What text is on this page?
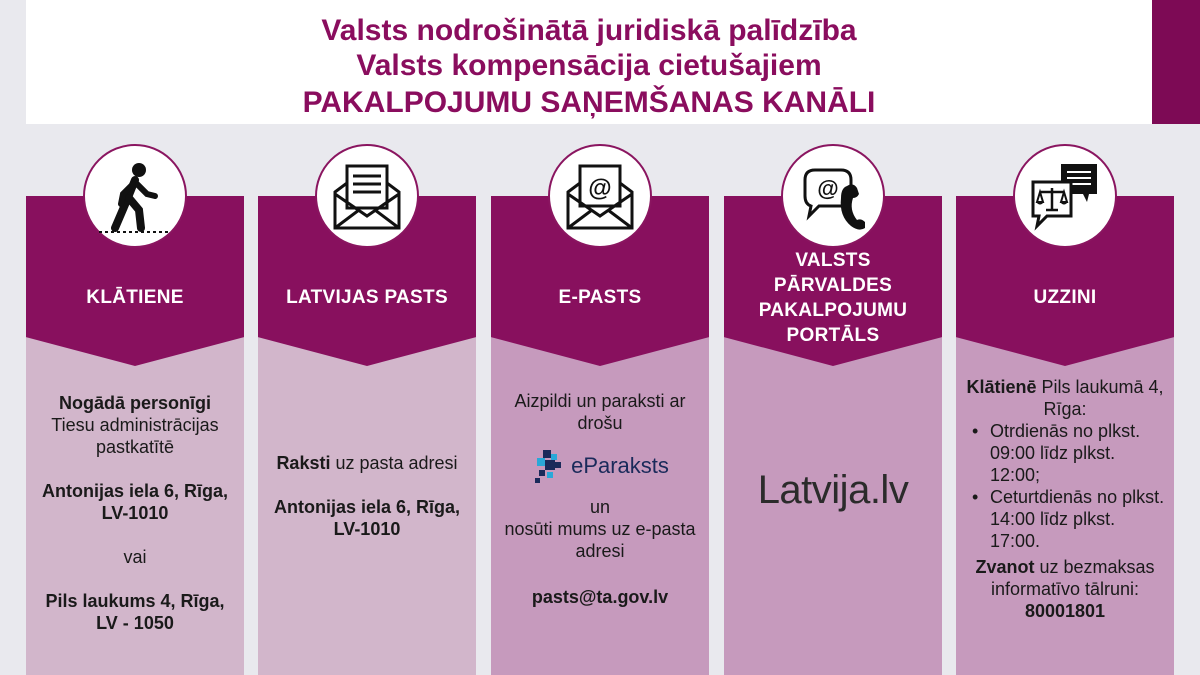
Valsts nodrošinātā juridiskā palīdzība
Valsts kompensācija cietušajiem
PAKALPOJUMU SAŅEMŠANAS KANĀLI
KLĀTIENE

Nogādā personīgi

Tiesu administrācijas pastkatītē

Antonijas iela 6, Rīga, LV-1010

vai

Pils laukums 4, Rīga, LV - 1050

LATVIJAS PASTS

Raksti uz pasta adresi

Antonijas iela 6, Rīga, LV-1010

E-PASTS

Aizpildi un paraksti ar drošu

eParaksts

un

nosūti mums uz e-pasta adresi

pasts@ta.gov.lv

@
VALSTS
PĀRVALDES
PAKALPOJUMU
PORTĀLS
Latvija.lv
@
UZZINI

Klātienē Pils laukumā 4, Rīga:

• Otrdienās no plkst. 09:00 līdz plkst. 12:00;
• Ceturtdienās no plkst. 14:00 līdz plkst. 17:00.

Zvanot uz bezmaksas informatīvo tālruni:

80001801
